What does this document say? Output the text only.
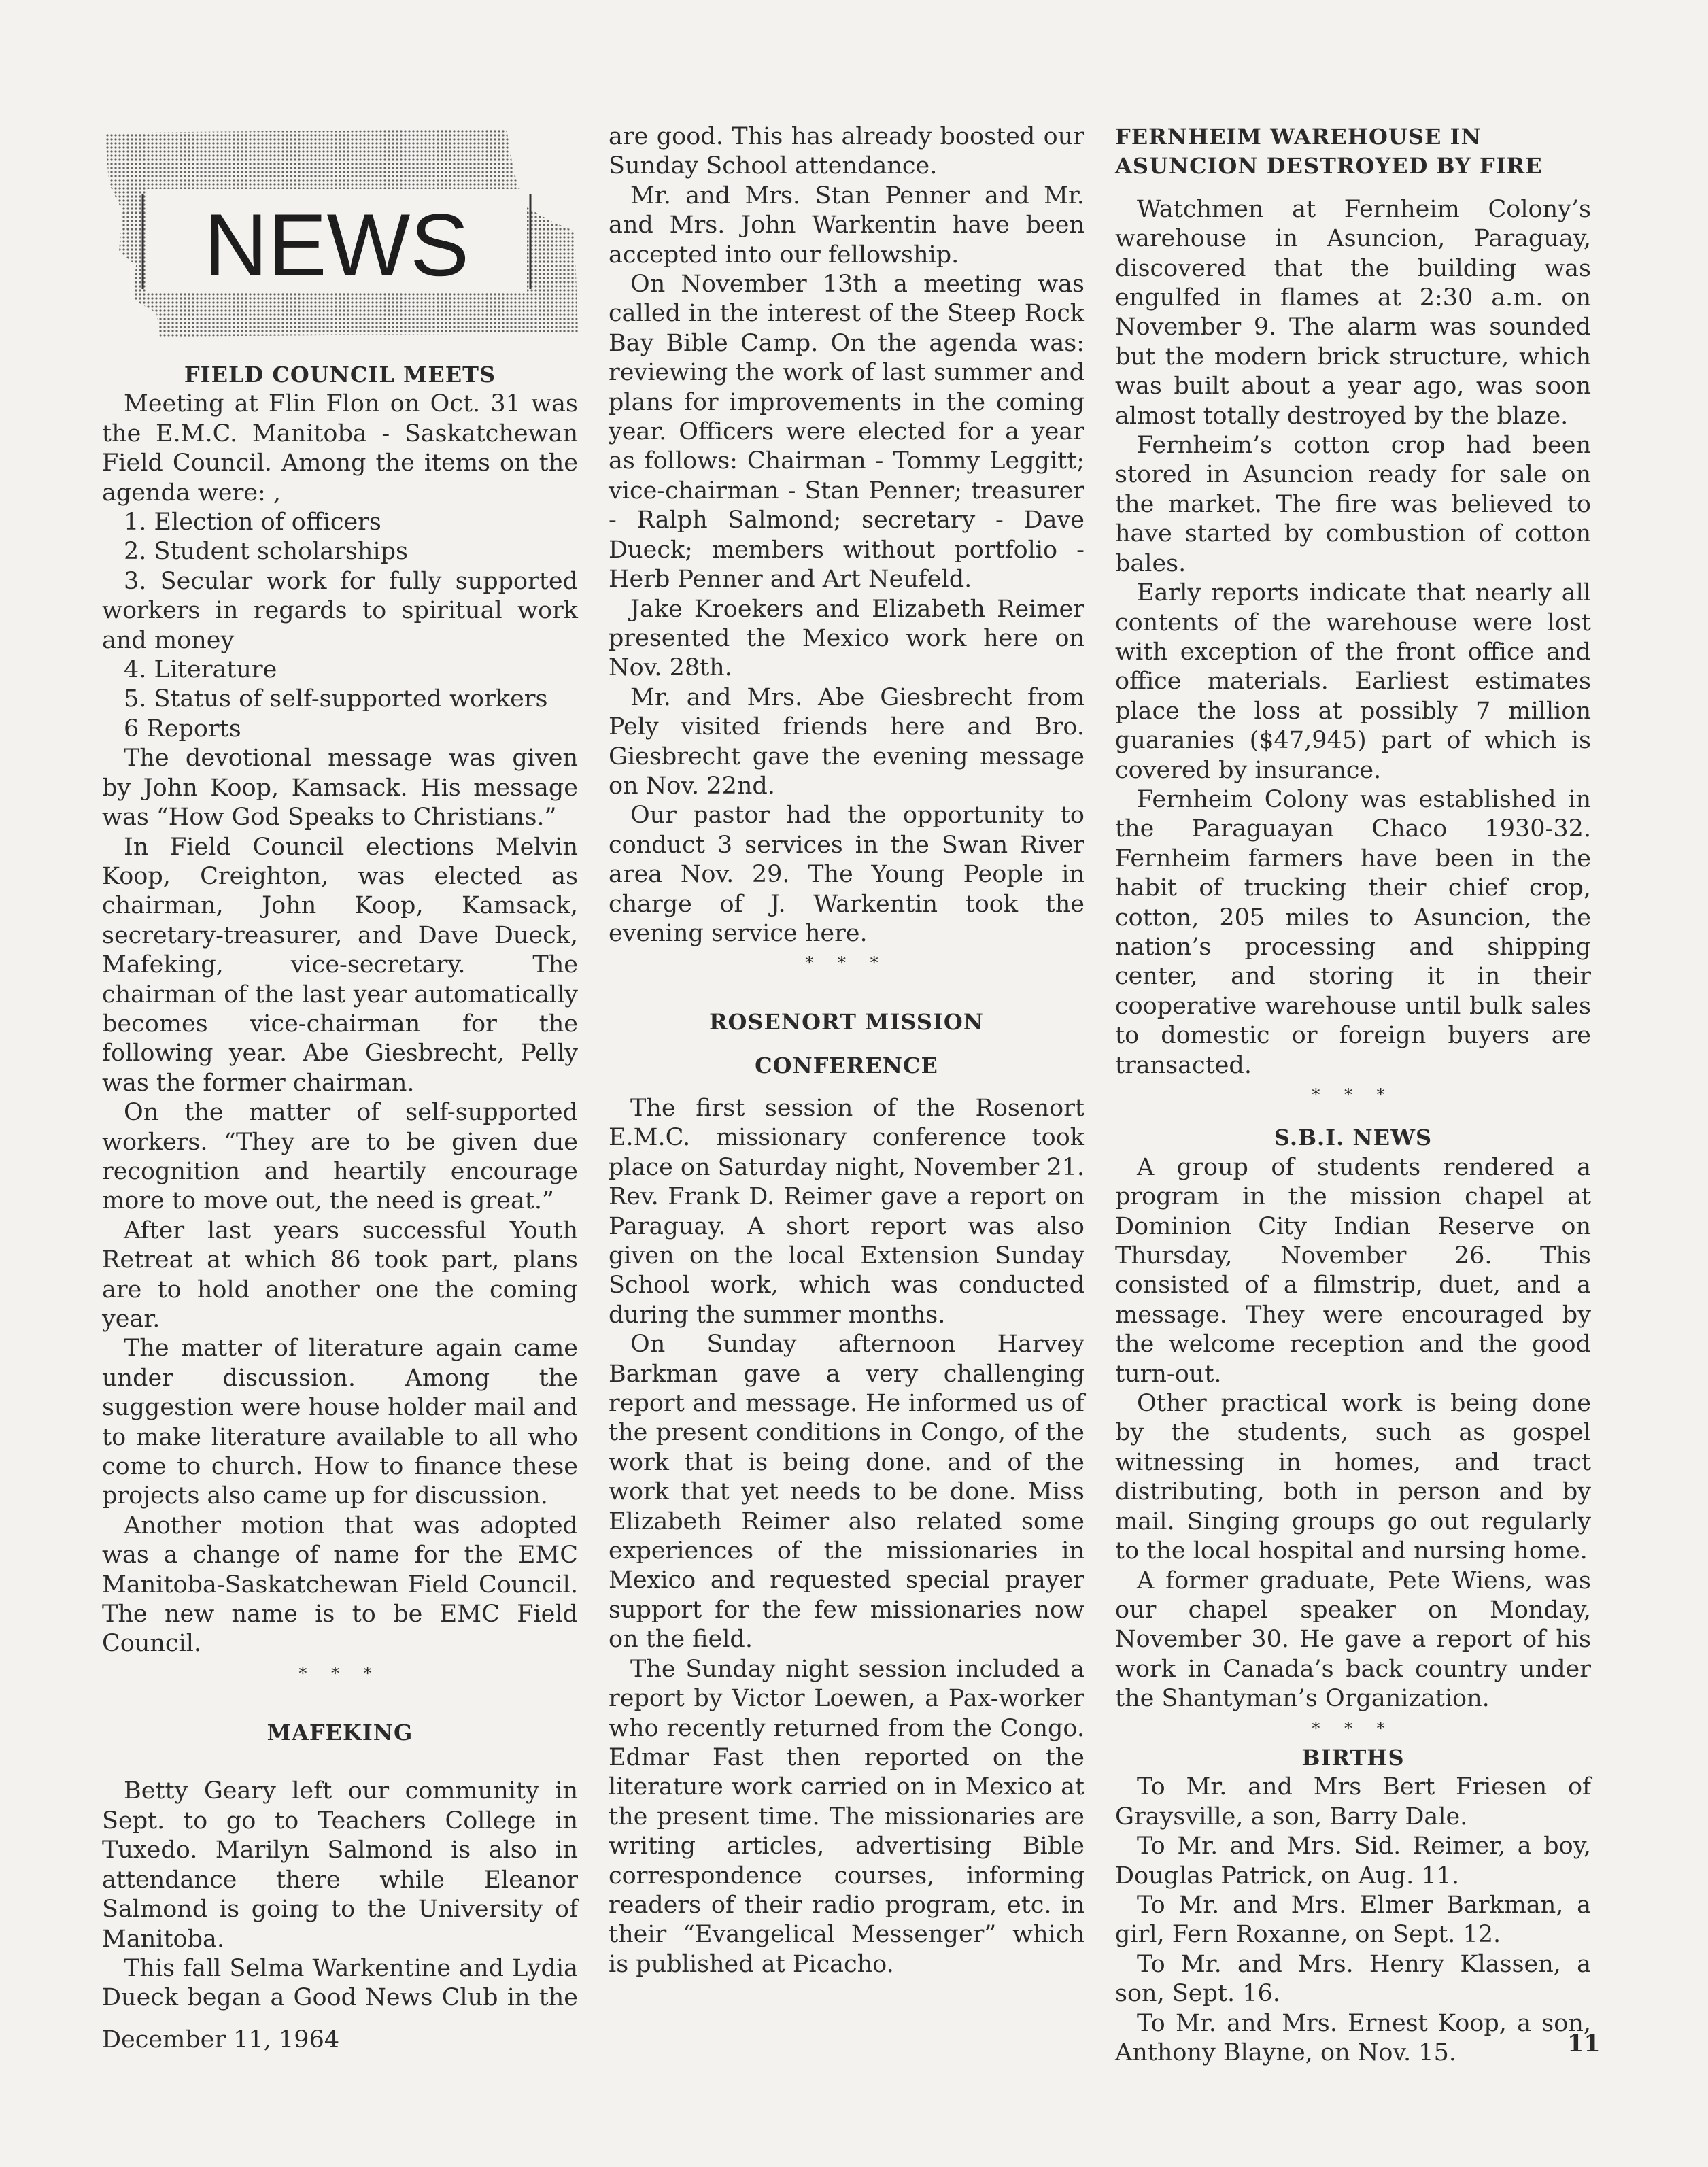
NEWS
FIELD COUNCIL MEETS

Meeting at Flin Flon on Oct. 31 was the E.M.C. Manitoba - Saskatchewan Field Council. Among the items on the agenda were: ,

1. Election of officers
2. Student scholarships
3. Secular work for fully supported workers in regards to spiritual work and money
4. Literature
5. Status of self-supported workers
6 Reports

The devotional message was given by John Koop, Kamsack. His message was “How God Speaks to Christians.”

In Field Council elections Melvin Koop, Creighton, was elected as chairman, John Koop, Kamsack, secretary-treasurer, and Dave Dueck, Mafeking, vice-secretary. The chairman of the last year automatically becomes vice-chairman for the following year. Abe Giesbrecht, Pelly was the former chairman.

On the matter of self-supported workers. “They are to be given due recognition and heartily encourage more to move out, the need is great.”

After last years successful Youth Retreat at which 86 took part, plans are to hold another one the coming year.

The matter of literature again came under discussion. Among the suggestion were house holder mail and to make literature available to all who come to church. How to finance these projects also came up for discussion.

Another motion that was adopted was a change of name for the EMC Manitoba-Saskatchewan Field Council. The new name is to be EMC Field Council.

* * *
MAFEKING

Betty Geary left our community in Sept. to go to Teachers College in Tuxedo. Marilyn Salmond is also in attendance there while Eleanor Salmond is going to the University of Manitoba.

This fall Selma Warkentine and Lydia Dueck began a Good News Club in the

are good. This has already boosted our Sunday School attendance.

Mr. and Mrs. Stan Penner and Mr. and Mrs. John Warkentin have been accepted into our fellowship.

On November 13th a meeting was called in the interest of the Steep Rock Bay Bible Camp. On the agenda was: reviewing the work of last summer and plans for improvements in the coming year. Officers were elected for a year as follows: Chairman - Tommy Leggitt; vice-chairman - Stan Penner; treasurer - Ralph Salmond; secretary - Dave Dueck; members without portfolio - Herb Penner and Art Neufeld.

Jake Kroekers and Elizabeth Reimer presented the Mexico work here on Nov. 28th.

Mr. and Mrs. Abe Giesbrecht from Pely visited friends here and Bro. Giesbrecht gave the evening message on Nov. 22nd.

Our pastor had the opportunity to conduct 3 services in the Swan River area Nov. 29. The Young People in charge of J. Warkentin took the evening service here.

* * *
ROSENORT MISSION
CONFERENCE

The first session of the Rosenort E.M.C. missionary conference took place on Saturday night, November 21. Rev. Frank D. Reimer gave a report on Paraguay. A short report was also given on the local Extension Sunday School work, which was conducted during the summer months.

On Sunday afternoon Harvey Barkman gave a very challenging report and message. He informed us of the present conditions in Congo, of the work that is being done. and of the work that yet needs to be done. Miss Elizabeth Reimer also related some experiences of the missionaries in Mexico and requested special prayer support for the few missionaries now on the field.

The Sunday night session included a report by Victor Loewen, a Pax-worker who recently returned from the Congo. Edmar Fast then reported on the literature work carried on in Mexico at the present time. The missionaries are writing articles, advertising Bible correspondence courses, informing readers of their radio program, etc. in their “Evangelical Messenger” which is published at Picacho.

FERNHEIM WAREHOUSE IN ASUNCION DESTROYED BY FIRE

Watchmen at Fernheim Colony’s warehouse in Asuncion, Paraguay, discovered that the building was engulfed in flames at 2:30 a.m. on November 9. The alarm was sounded but the modern brick structure, which was built about a year ago, was soon almost totally destroyed by the blaze.

Fernheim’s cotton crop had been stored in Asuncion ready for sale on the market. The fire was believed to have started by combustion of cotton bales.

Early reports indicate that nearly all contents of the warehouse were lost with exception of the front office and office materials. Earliest estimates place the loss at possibly 7 million guaranies ($47,945) part of which is covered by insurance.

Fernheim Colony was established in the Paraguayan Chaco 1930-32. Fernheim farmers have been in the habit of trucking their chief crop, cotton, 205 miles to Asuncion, the nation’s processing and shipping center, and storing it in their cooperative warehouse until bulk sales to domestic or foreign buyers are transacted.

* * *
S.B.I. NEWS

A group of students rendered a program in the mission chapel at Dominion City Indian Reserve on Thursday, November 26. This consisted of a filmstrip, duet, and a message. They were encouraged by the welcome reception and the good turn-out.

Other practical work is being done by the students, such as gospel witnessing in homes, and tract distributing, both in person and by mail. Singing groups go out regularly to the local hospital and nursing home.

A former graduate, Pete Wiens, was our chapel speaker on Monday, November 30. He gave a report of his work in Canada’s back country under the Shantyman’s Organization.

* * *
BIRTHS

To Mr. and Mrs Bert Friesen of Graysville, a son, Barry Dale.

To Mr. and Mrs. Sid. Reimer, a boy, Douglas Patrick, on Aug. 11.

To Mr. and Mrs. Elmer Barkman, a girl, Fern Roxanne, on Sept. 12.

To Mr. and Mrs. Henry Klassen, a son, Sept. 16.

To Mr. and Mrs. Ernest Koop, a son, Anthony Blayne, on Nov. 15.

December 11, 1964	11
